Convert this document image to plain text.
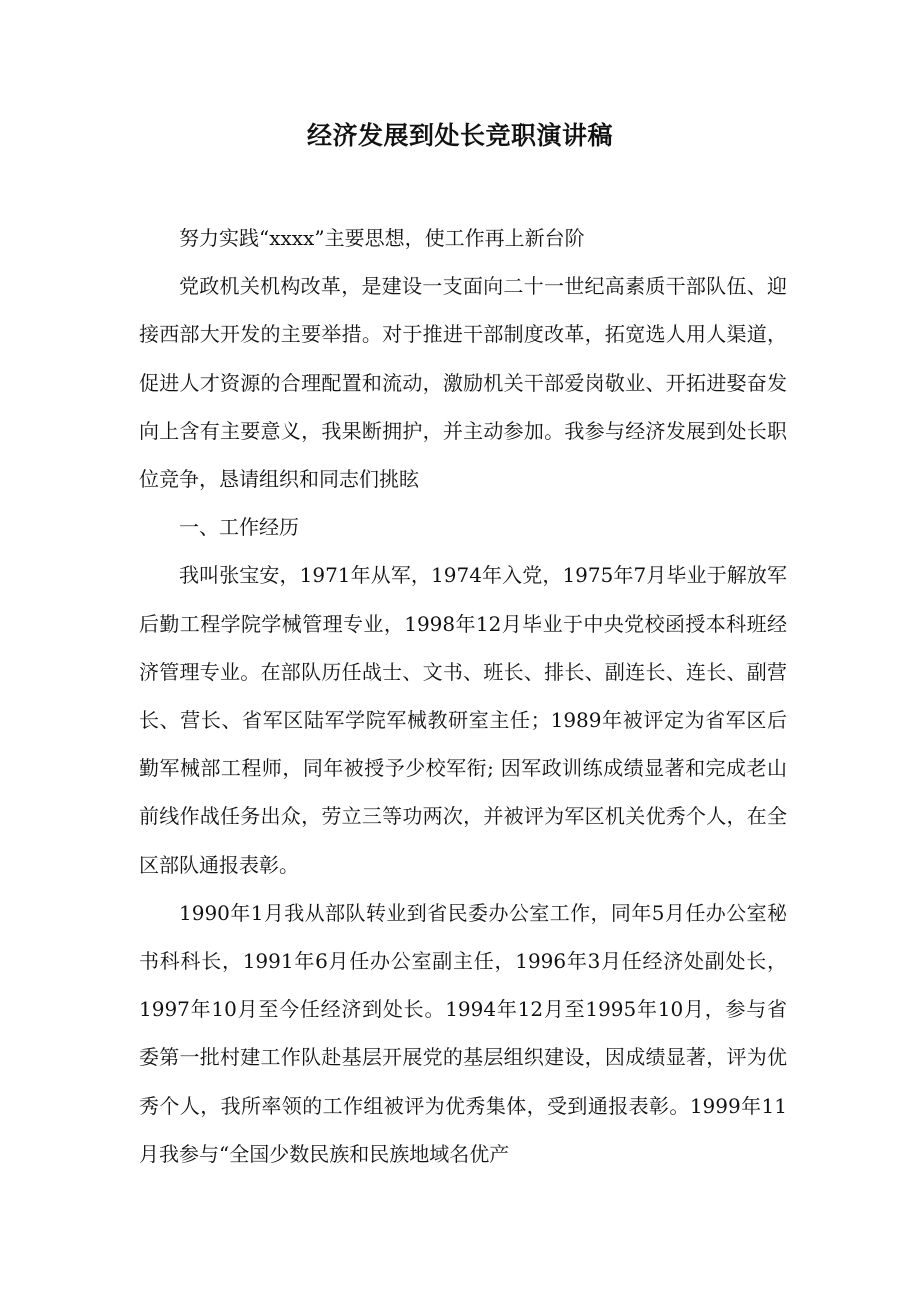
经济发展到处长竞职演讲稿

努力实践“xxxx”主要思想，使工作再上新台阶

党政机关机构改革，是建设一支面向二十一世纪高素质干部队伍、迎接西部大开发的主要举措。对于推进干部制度改革，拓宽选人用人渠道，促进人才资源的合理配置和流动，激励机关干部爱岗敬业、开拓进娶奋发向上含有主要意义，我果断拥护，并主动参加。我参与经济发展到处长职位竞争，恳请组织和同志们挑眩

一、工作经历

我叫张宝安，1971年从军，1974年入党，1975年7月毕业于解放军后勤工程学院学械管理专业，1998年12月毕业于中央党校函授本科班经济管理专业。在部队历任战士、文书、班长、排长、副连长、连长、副营长、营长、省军区陆军学院军械教研室主任；1989年被评定为省军区后勤军械部工程师，同年被授予少校军衔; 因军政训练成绩显著和完成老山前线作战任务出众，劳立三等功两次，并被评为军区机关优秀个人，在全区部队通报表彰。

1990年1月我从部队转业到省民委办公室工作，同年5月任办公室秘书科科长，1991年6月任办公室副主任，1996年3月任经济处副处长，1997年10月至今任经济到处长。1994年12月至1995年10月，参与省委第一批村建工作队赴基层开展党的基层组织建设，因成绩显著，评为优秀个人，我所率领的工作组被评为优秀集体，受到通报表彰。1999年11月我参与“全国少数民族和民族地域名优产
